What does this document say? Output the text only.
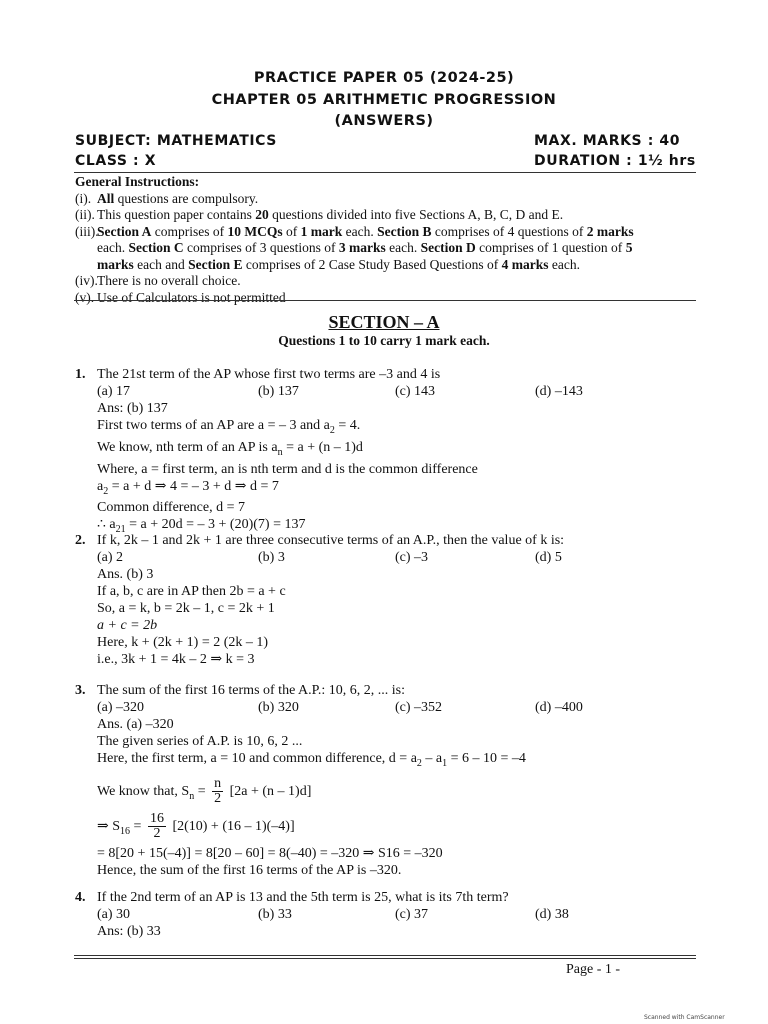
PRACTICE PAPER 05 (2024-25)
CHAPTER 05 ARITHMETIC PROGRESSION
(ANSWERS)
SUBJECT: MATHEMATICS	MAX. MARKS : 40
CLASS : X	DURATION : 1½ hrs
General Instructions:
(i). All questions are compulsory.
(ii). This question paper contains 20 questions divided into five Sections A, B, C, D and E.
(iii).
Section A comprises of 10 MCQs of 1 mark each. Section B comprises of 4 questions of 2 marks
each. Section C comprises of 3 questions of 3 marks each. Section D comprises of 1 question of 5
marks each and Section E comprises of 2 Case Study Based Questions of 4 marks each.
(iv). There is no overall choice.
(v). Use of Calculators is not permitted
SECTION – A
Questions 1 to 10 carry 1 mark each.
1. The 21st term of the AP whose first two terms are –3 and 4 is
(a) 17	(b) 137	(c) 143	(d) –143
Ans: (b) 137
First two terms of an AP are a = – 3 and $a_2 = 4$.
We know, nth term of an AP is $a_n = a + (n - 1)d$
Where, a = first term, an is nth term and d is the common difference
$a_2 = a + d$ ⇒ 4 = – 3 + d ⇒ d = 7
Common difference, d = 7
∴ $a_{21} = a + 20d$ = – 3 + (20)(7) = 137
2. If k, 2k – 1 and 2k + 1 are three consecutive terms of an A.P., then the value of k is:
(a) 2	(b) 3	(c) –3	(d) 5
Ans. (b) 3
If a, b, c are in AP then 2b = a + c
So, a = k, b = 2k – 1, c = 2k + 1
a + c = 2b
Here, k + (2k + 1) = 2 (2k – 1)
i.e., 3k + 1 = 4k – 2 ⇒ k = 3
3. The sum of the first 16 terms of the A.P.: 10, 6, 2, ... is:
(a) –320	(b) 320	(c) –352	(d) –400
Ans. (a) –320
The given series of A.P. is 10, 6, 2 ...
Here, the first term, a = 10 and common difference, $d = a_2 - a_1 = 6 - 10 = -4$
We know that, $S_n = \frac{n}{2} [2a + (n - 1)d]$
⇒ $S_{16} = \frac{16}{2} [2(10) + (16 - 1)(-4)]$
= 8[20 + 15(–4)] = 8[20 – 60] = 8(–40) = –320 ⇒ S16 = –320
Hence, the sum of the first 16 terms of the AP is –320.
4. If the 2nd term of an AP is 13 and the 5th term is 25, what is its 7th term?
(a) 30	(b) 33	(c) 37	(d) 38
Ans: (b) 33
Page - 1 -
Scanned with CamScanner
